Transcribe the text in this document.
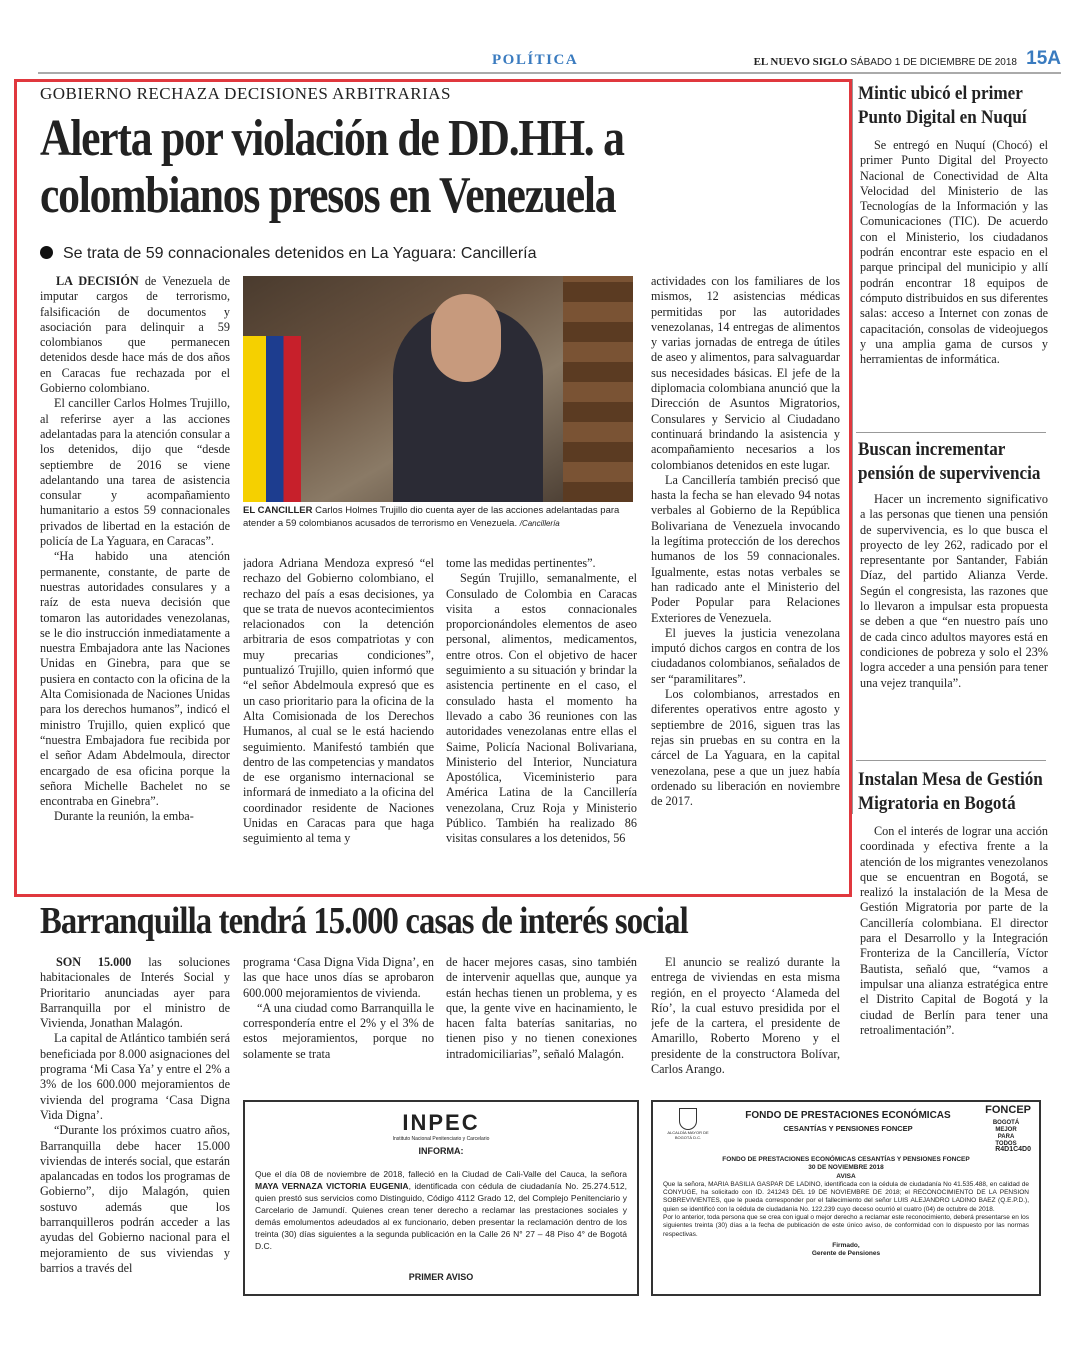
POLÍTICA	EL NUEVO SIGLO SÁBADO 1 DE DICIEMBRE DE 2018 15A
GOBIERNO RECHAZA DECISIONES ARBITRARIAS
Alerta por violación de DD.HH. a colombianos presos en Venezuela
Se trata de 59 connacionales detenidos en La Yaguara: Cancillería

LA DECISIÓN de Venezuela de imputar cargos de terrorismo, falsificación de documentos y asociación para delinquir a 59 colombianos que permanecen detenidos desde hace más de dos años en Caracas fue rechazada por el Gobierno colombiano.

El canciller Carlos Holmes Trujillo, al referirse ayer a las acciones adelantadas para la atención consular a los detenidos, dijo que “desde septiembre de 2016 se viene adelantando una tarea de asistencia consular y acompañamiento humanitario a estos 59 connacionales privados de libertad en la estación de policía de La Yaguara, en Caracas”.

“Ha habido una atención permanente, constante, de parte de nuestras autoridades consulares y a raíz de esta nueva decisión que tomaron las autoridades venezolanas, se le dio instrucción inmediatamente a nuestra Embajadora ante las Naciones Unidas en Ginebra, para que se pusiera en contacto con la oficina de la Alta Comisionada de Naciones Unidas para los derechos humanos”, indicó el ministro Trujillo, quien explicó que “nuestra Embajadora fue recibida por el señor Adam Abdelmoula, director encargado de esa oficina porque la señora Michelle Bachelet no se encontraba en Ginebra”.

Durante la reunión, la emba-

EL CANCILLER Carlos Holmes Trujillo dio cuenta ayer de las acciones adelantadas para atender a 59 colombianos acusados de terrorismo en Venezuela. /Cancillería

jadora Adriana Mendoza expresó “el rechazo del Gobierno colombiano, el rechazo del país a esas decisiones, ya que se trata de nuevos acontecimientos relacionados con la detención arbitraria de esos compatriotas y con muy precarias condiciones”, puntualizó Trujillo, quien informó que “el señor Abdelmoula expresó que es un caso prioritario para la oficina de la Alta Comisionada de los Derechos Humanos, al cual se le está haciendo seguimiento. Manifestó también que dentro de las competencias y mandatos de ese organismo internacional se informará de inmediato a la oficina del coordinador residente de Naciones Unidas en Caracas para que haga seguimiento al tema y

tome las medidas pertinentes”.

Según Trujillo, semanalmente, el Consulado de Colombia en Caracas visita a estos connacionales proporcionándoles elementos de aseo personal, alimentos, medicamentos, entre otros. Con el objetivo de hacer seguimiento a su situación y brindar la asistencia pertinente en el caso, el consulado hasta el momento ha llevado a cabo 36 reuniones con las autoridades venezolanas entre ellas el Saime, Policía Nacional Bolivariana, Ministerio del Interior, Nunciatura Apostólica, Viceministerio para América Latina de la Cancillería venezolana, Cruz Roja y Ministerio Público. También ha realizado 86 visitas consulares a los detenidos, 56

actividades con los familiares de los mismos, 12 asistencias médicas permitidas por las autoridades venezolanas, 14 entregas de alimentos y varias jornadas de entrega de útiles de aseo y alimentos, para salvaguardar sus necesidades básicas. El jefe de la diplomacia colombiana anunció que la Dirección de Asuntos Migratorios, Consulares y Servicio al Ciudadano continuará brindando la asistencia y acompañamiento necesarios a los colombianos detenidos en este lugar.

La Cancillería también precisó que hasta la fecha se han elevado 94 notas verbales al Gobierno de la República Bolivariana de Venezuela invocando la legítima protección de los derechos humanos de los 59 connacionales. Igualmente, estas notas verbales se han radicado ante el Ministerio del Poder Popular para Relaciones Exteriores de Venezuela.

El jueves la justicia venezolana imputó dichos cargos en contra de los ciudadanos colombianos, señalados de ser “paramilitares”.

Los colombianos, arrestados en diferentes operativos entre agosto y septiembre de 2016, siguen tras las rejas sin pruebas en su contra en la cárcel de La Yaguara, en la capital venezolana, pese a que un juez había ordenado su liberación en noviembre de 2017.

Mintic ubicó el primer Punto Digital en Nuquí

Se entregó en Nuquí (Chocó) el primer Punto Digital del Proyecto Nacional de Conectividad de Alta Velocidad del Ministerio de las Tecnologías de la Información y las Comunicaciones (TIC). De acuerdo con el Ministerio, los ciudadanos podrán encontrar este espacio en el parque principal del municipio y allí podrán encontrar 18 equipos de cómputo distribuidos en sus diferentes salas: acceso a Internet con zonas de capacitación, consolas de videojuegos y una amplia gama de cursos y herramientas de informática.

Buscan incrementar pensión de supervivencia

Hacer un incremento significativo a las personas que tienen una pensión de supervivencia, es lo que busca el proyecto de ley 262, radicado por el representante por Santander, Fabián Díaz, del partido Alianza Verde. Según el congresista, las razones que lo llevaron a impulsar esta propuesta se deben a que “en nuestro país uno de cada cinco adultos mayores está en condiciones de pobreza y solo el 23% logra acceder a una pensión para tener una vejez tranquila”.

Instalan Mesa de Gestión Migratoria en Bogotá

Con el interés de lograr una acción coordinada y efectiva frente a la atención de los migrantes venezolanos que se encuentran en Bogotá, se realizó la instalación de la Mesa de Gestión Migratoria por parte de la Cancillería colombiana. El director para el Desarrollo y la Integración Fronteriza de la Cancillería, Víctor Bautista, señaló que, “vamos a impulsar una alianza estratégica entre el Distrito Capital de Bogotá y la ciudad de Berlín para tener una retroalimentación”.

Barranquilla tendrá 15.000 casas de interés social

SON 15.000 las soluciones habitacionales de Interés Social y Prioritario anunciadas ayer para Barranquilla por el ministro de Vivienda, Jonathan Malagón.

La capital de Atlántico también será beneficiada por 8.000 asignaciones del programa ‘Mi Casa Ya’ y entre el 2% a 3% de los 600.000 mejoramientos de vivienda del programa ‘Casa Digna Vida Digna’.

“Durante los próximos cuatro años, Barranquilla debe hacer 15.000 viviendas de interés social, que estarán apalancadas en todos los programas de Gobierno”, dijo Malagón, quien sostuvo además que los barranquilleros podrán acceder a las ayudas del Gobierno nacional para el mejoramiento de sus viviendas y barrios a través del

programa ‘Casa Digna Vida Digna’, en las que hace unos días se aprobaron 600.000 mejoramientos de vivienda.

“A una ciudad como Barranquilla le correspondería entre el 2% y el 3% de estos mejoramientos, porque no solamente se trata

de hacer mejores casas, sino también de intervenir aquellas que, aunque ya están hechas tienen un problema, y es que, la gente vive en hacinamiento, le hacen falta baterías sanitarias, no tienen piso y no tienen conexiones intradomiciliarias”, señaló Malagón.

El anuncio se realizó durante la entrega de viviendas en esta misma región, en el proyecto ‘Alameda del Río’, la cual estuvo presidida por el jefe de la cartera, el presidente de Amarillo, Roberto Moreno y el presidente de la constructora Bolívar, Carlos Arango.

INPEC
Instituto Nacional Penitenciario y Carcelario
INFORMA:
Que el día 08 de noviembre de 2018, falleció en la Ciudad de Cali-Valle del Cauca, la señora MAYA VERNAZA VICTORIA EUGENIA, identificada con cédula de ciudadanía No. 25.274.512, quien prestó sus servicios como Distinguido, Código 4112 Grado 12, del Complejo Penitenciario y Carcelario de Jamundí. Quienes crean tener derecho a reclamar las prestaciones sociales y demás emolumentos adeudados al ex funcionario, deben presentar la reclamación dentro de los treinta (30) días siguientes a la segunda publicación en la Calle 26 N° 27 – 48 Piso 4° de Bogotá D.C.
PRIMER AVISO
ALCALDÍA MAYOR DE BOGOTÁ D.C.
FONDO DE PRESTACIONES ECONÓMICAS
CESANTÍAS Y PENSIONES FONCEP
FONCEP
BOGOTÁ MEJOR PARA TODOS
R4D1C4D0
FONDO DE PRESTACIONES ECONÓMICAS CESANTÍAS Y PENSIONES FONCEP
30 DE NOVIEMBRE 2018
AVISA
Que la señora, MARIA BASILIA GASPAR DE LADINO, identificada con la cédula de ciudadanía No 41.535.488, en calidad de CONYUGE, ha solicitado con ID. 241243 DEL 19 DE NOVIEMBRE DE 2018; el RECONOCIMIENTO DE LA PENSION SOBREVIVIENTES, que le pueda corresponder por el fallecimiento del señor LUIS ALEJANDRO LADINO BAEZ (Q.E.P.D.), quien se identificó con la cédula de ciudadanía No. 122.239 cuyo deceso ocurrió el cuatro (04) de octubre de 2018.
Por lo anterior, toda persona que se crea con igual o mejor derecho a reclamar este reconocimiento, deberá presentarse en los siguientes treinta (30) días a la fecha de publicación de este único aviso, de conformidad con lo dispuesto por las normas respectivas.
Firmado,
Gerente de Pensiones
